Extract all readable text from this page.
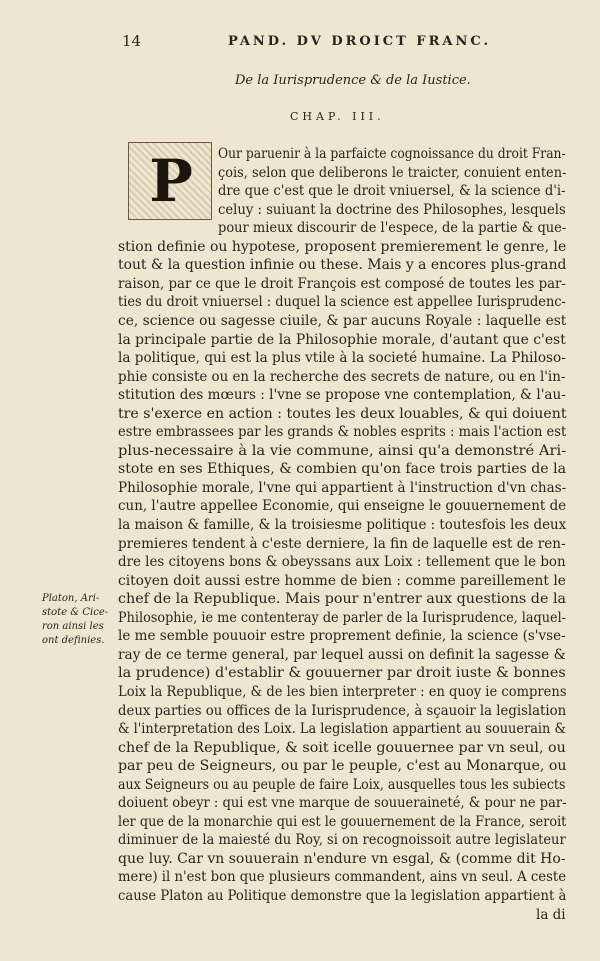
14	PAND. DV DROICT FRANC.
De la Iurisprudence & de la Iustice.
CHAP. III.
P	Our paruenir à la parfaicte cognoissance du droit Fran-
çois, selon que deliberons le traicter, conuient enten-
dre que c'est que le droit vniuersel, & la science d'i-
celuy : suiuant la doctrine des Philosophes, lesquels
pour mieux discourir de l'espece, de la partie & que-
stion definie ou hypotese, proposent premierement le genre, le
tout & la question infinie ou these. Mais y a encores plus-grand
raison, par ce que le droit François est composé de toutes les par-
ties du droit vniuersel : duquel la science est appellee Iurisprudenc-
ce, science ou sagesse ciuile, & par aucuns Royale : laquelle est
la principale partie de la Philosophie morale, d'autant que c'est
la politique, qui est la plus vtile à la societé humaine. La Philoso-
phie consiste ou en la recherche des secrets de nature, ou en l'in-
stitution des mœurs : l'vne se propose vne contemplation, & l'au-
tre s'exerce en action : toutes les deux louables, & qui doiuent
estre embrassees par les grands & nobles esprits : mais l'action est
plus-necessaire à la vie commune, ainsi qu'a demonstré Ari-
stote en ses Ethiques, & combien qu'on face trois parties de la
Philosophie morale, l'vne qui appartient à l'instruction d'vn chas-
cun, l'autre appellee Economie, qui enseigne le gouuernement de
la maison & famille, & la troisiesme politique : toutesfois les deux
premieres tendent à c'este derniere, la fin de laquelle est de ren-
dre les citoyens bons & obeyssans aux Loix : tellement que le bon
citoyen doit aussi estre homme de bien : comme pareillement le
chef de la Republique. Mais pour n'entrer aux questions de la
Philosophie, ie me contenteray de parler de la Iurisprudence, laquel-
le me semble pouuoir estre proprement definie, la science (s'vse-
ray de ce terme general, par lequel aussi on definit la sagesse &
la prudence) d'establir & gouuerner par droit iuste & bonnes
Loix la Republique, & de les bien interpreter : en quoy ie comprens
deux parties ou offices de la Iurisprudence, à sçauoir la legislation
& l'interpretation des Loix. La legislation appartient au souuerain &
chef de la Republique, & soit icelle gouuernee par vn seul, ou
par peu de Seigneurs, ou par le peuple, c'est au Monarque, ou
aux Seigneurs ou au peuple de faire Loix, ausquelles tous les subiects
doiuent obeyr : qui est vne marque de souueraineté, & pour ne par-
ler que de la monarchie qui est le gouuernement de la France, seroit
diminuer de la maiesté du Roy, si on recognoissoit autre legislateur
que luy. Car vn souuerain n'endure vn esgal, & (comme dit Ho-
mere) il n'est bon que plusieurs commandent, ains vn seul. A ceste
cause Platon au Politique demonstre que la legislation appartient à
la di
Platon, Ari-
stote & Cice-
ron ainsi les
ont definies.
